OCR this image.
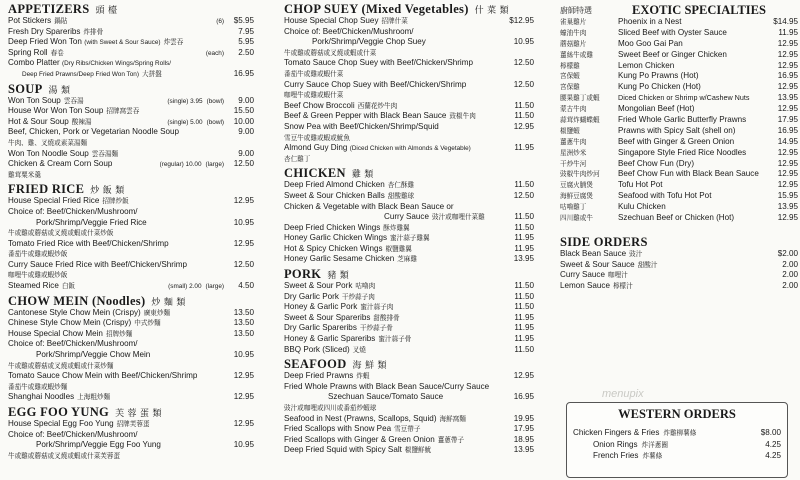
APPETIZERS 頭 檯
Pot Stickers 鍋貼	(6)	$5.95
Fresh Dry Spareribs 炸排骨	7.95
Deep Fried Won Ton (with Sweet & Sour Sauce) 炸雲吞	5.95
Spring Roll 春卷	(each)	2.50
Combo Platter (Dry Ribs/Chicken Wings/Spring Rolls/
Deep Fried Prawns/Deep Fried Won Ton) 大拼盤	16.95
SOUP 湯 類
Won Ton Soup 雲吞湯	(single) 3.95 (bowl)	9.00
House Wor Won Ton Soup 招牌窩雲吞	15.50
Hot & Sour Soup 酸辣湯	(single) 5.00 (bowl)	10.00
Beef, Chicken, Pork or Vegetarian Noodle Soup	9.00
牛肉、雞、叉燒或素菜湯麵
Won Ton Noodle Soup 雲吞湯麵	9.00
Chicken & Cream Corn Soup	(regular) 10.00 (large)	12.50
雞茸粟米羹
FRIED RICE 炒 飯 類
House Special Fried Rice 招牌炒飯	12.95
Choice of: Beef/Chicken/Mushroom/
Pork/Shrimp/Veggie Fried Rice	10.95
牛或雞或蘑菇或叉燒或蝦或什菜炒飯
Tomato Fried Rice with Beef/Chicken/Shrimp	12.95
番茄牛或雞或蝦炒飯
Curry Sauce Fried Rice with Beef/Chicken/Shrimp	12.50
咖哩牛或雞或蝦炒飯
Steamed Rice 白飯	(small) 2.00 (large)	4.50
CHOW MEIN (Noodles) 炒 麵 類
Cantonese Style Chow Mein (Crispy) 廣東炒麵	13.50
Chinese Style Chow Mein (Crispy) 中式炒麵	13.50
House Special Chow Mein 招牌炒麵	13.50
Choice of: Beef/Chicken/Mushroom/
Pork/Shrimp/Veggie Chow Mein	10.95
牛或雞或蘑菇或叉燒或蝦或什菜炒麵
Tomato Sauce Chow Mein with Beef/Chicken/Shrimp	12.95
番茄牛或雞或蝦炒麵
Shanghai Noodles 上海粗炒麵	12.95
EGG FOO YUNG 芙 蓉 蛋 類
House Special Egg Foo Yung 招牌芙蓉蛋	12.95
Choice of: Beef/Chicken/Mushroom/
Pork/Shrimp/Veggie Egg Foo Yung	10.95
牛或雞或蘑菇或叉燒或蝦或什菜芙蓉蛋
CHOP SUEY (Mixed Vegetables) 什 菜 類
House Special Chop Suey 招牌什菜	$12.95
Choice of: Beef/Chicken/Mushroom/
Pork/Shrimp/Veggie Chop Suey	10.95
牛或雞或蘑菇或叉燒或蝦或什菜
Tomato Sauce Chop Suey with Beef/Chicken/Shrimp	12.50
番茄牛或雞或蝦什菜
Curry Sauce Chop Suey with Beef/Chicken/Shrimp	12.50
咖哩牛或雞或蝦什菜
Beef Chow Broccoli 西蘭花炒牛肉	11.50
Beef & Green Pepper with Black Bean Sauce 豉椒牛肉	11.50
Snow Pea with Beef/Chicken/Shrimp/Squid	12.95
雪豆牛或雞或蝦或魷魚
Almond Guy Ding (Diced Chicken with Almonds & Vegetable)	11.95
杏仁雞丁
CHICKEN 雞 類
Deep Fried Almond Chicken 杏仁酥雞	11.50
Sweet & Sour Chicken Balls 甜酸雞球	12.50
Chicken & Vegetable with Black Bean Sauce or
Curry Sauce 豉汁或咖哩什菜雞	11.50
Deep Fried Chicken Wings 酥炸雞翼	11.50
Honey Garlic Chicken Wings 蜜汁蒜子雞翼	11.95
Hot & Spicy Chicken Wings 椒鹽雞翼	11.95
Honey Garlic Sesame Chicken 芝麻雞	13.95
PORK 豬 類
Sweet & Sour Pork 咕嚕肉	11.50
Dry Garlic Pork 干炒蒜子肉	11.50
Honey & Garlic Pork 蜜汁蒜子肉	11.50
Sweet & Sour Spareribs 甜酸排骨	11.95
Dry Garlic Spareribs 干炒蒜子骨	11.95
Honey & Garlic Spareribs 蜜汁蒜子骨	11.95
BBQ Pork (Sliced) 叉燒	11.50
SEAFOOD 海 鮮 類
Deep Fried Prawns 炸蝦	12.95
Fried Whole Prawns with Black Bean Sauce/Curry Sauce
Szechuan Sauce/Tomato Sauce	16.95
豉汁或咖哩或四川或番茄炒蝦球
Seafood in Nest (Prawns, Scallops, Squid) 海鮮窩麵	19.95
Fried Scallops with Snow Pea 雪豆帶子	17.95
Fried Scallops with Ginger & Green Onion 薑蔥帶子	18.95
Deep Fried Squid with Spicy Salt 椒鹽鮮魷	13.95
廚師特選	EXOTIC SPECIALTIES
雀巢雞片	Phoenix in a Nest	$14.95
蠔油牛肉	Sliced Beef with Oyster Sauce	11.95
蘑菇雞片	Moo Goo Gai Pan	12.95
薑絲牛或雞	Sweet Beef or Ginger Chicken	12.95
檸檬雞	Lemon Chicken	12.95
宮保蝦	Kung Po Prawns (Hot)	16.95
宮保雞	Kung Po Chicken (Hot)	12.95
腰果雞丁或蝦	Diced Chicken or Shrimp w/Cashew Nuts	13.95
蒙古牛肉	Mongolian Beef (Hot)	12.95
蒜茸炸蝴蝶蝦	Fried Whole Garlic Butterfly Prawns	17.95
椒鹽蝦	Prawns with Spicy Salt (shell on)	16.95
薑蔥牛肉	Beef with Ginger & Green Onion	14.95
星洲炒米	Singapore Style Fried Rice Noodles	12.95
干炒牛河	Beef Chow Fun (Dry)	12.95
豉椒牛肉炒河	Beef Chow Fun with Black Bean Sauce	12.95
豆腐火腩煲	Tofu Hot Pot	12.95
海鮮豆腐煲	Seafood with Tofu Hot Pot	15.95
咕嚕雞丁	Kulu Chicken	13.95
四川雞或牛	Szechuan Beef or Chicken (Hot)	12.95
SIDE ORDERS
Black Bean Sauce 豉汁	$2.00
Sweet & Sour Sauce 甜酸汁	2.00
Curry Sauce 咖哩汁	2.00
Lemon Sauce 檸檬汁	2.00
menupix
WESTERN ORDERS
Chicken Fingers & Fries 炸雞柳薯條	$8.00
Onion Rings 炸洋蔥圈	4.25
French Fries 炸薯條	4.25
